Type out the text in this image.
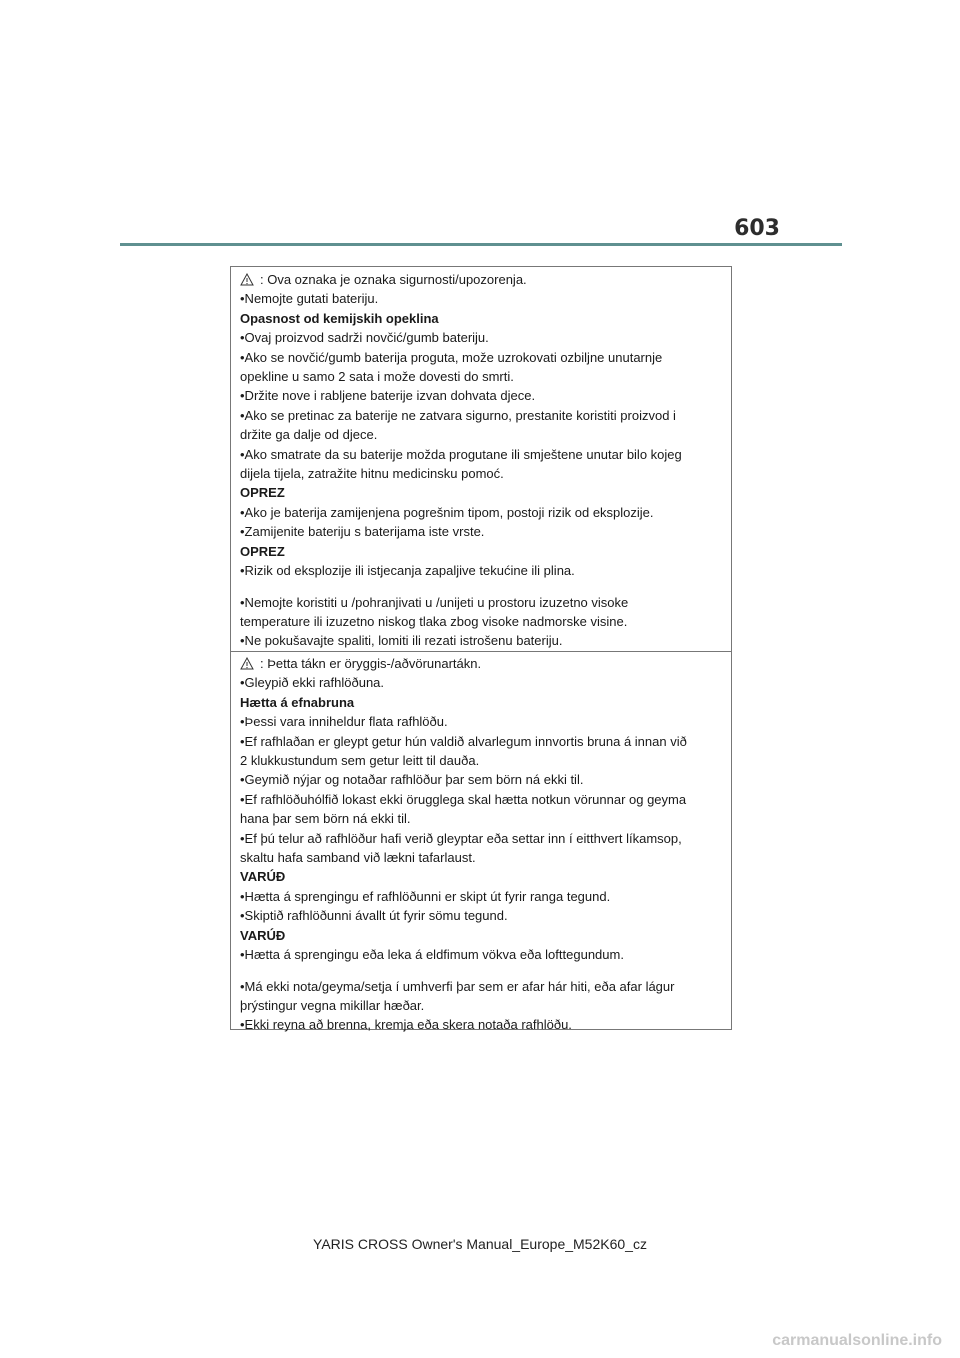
603
: Ova oznaka je oznaka sigurnosti/upozorenja.
•Nemojte gutati bateriju.
Opasnost od kemijskih opeklina
•Ovaj proizvod sadrži novčić/gumb bateriju.
•Ako se novčić/gumb baterija proguta, može uzrokovati ozbiljne unutarnje
opekline u samo 2 sata i može dovesti do smrti.
•Držite nove i rabljene baterije izvan dohvata djece.
•Ako se pretinac za baterije ne zatvara sigurno, prestanite koristiti proizvod i
držite ga dalje od djece.
•Ako smatrate da su baterije možda progutane ili smještene unutar bilo kojeg
dijela tijela, zatražite hitnu medicinsku pomoć.
OPREZ
•Ako je baterija zamijenjena pogrešnim tipom, postoji rizik od eksplozije.
•Zamijenite bateriju s baterijama iste vrste.
OPREZ
•Rizik od eksplozije ili istjecanja zapaljive tekućine ili plina.
•Nemojte koristiti u /pohranjivati u /unijeti u prostoru izuzetno visoke
temperature ili izuzetno niskog tlaka zbog visoke nadmorske visine.
•Ne pokušavajte spaliti, lomiti ili rezati istrošenu bateriju.
: Þetta tákn er öryggis-/aðvörunartákn.
•Gleypið ekki rafhlöðuna.
Hætta á efnabruna
•Þessi vara inniheldur flata rafhlöðu.
•Ef rafhlaðan er gleypt getur hún valdið alvarlegum innvortis bruna á innan við
2 klukkustundum sem getur leitt til dauða.
•Geymið nýjar og notaðar rafhlöður þar sem börn ná ekki til.
•Ef rafhlöðuhólfið lokast ekki örugglega skal hætta notkun vörunnar og geyma
hana þar sem börn ná ekki til.
•Ef þú telur að rafhlöður hafi verið gleyptar eða settar inn í eitthvert líkamsop,
skaltu hafa samband við lækni tafarlaust.
VARÚÐ
•Hætta á sprengingu ef rafhlöðunni er skipt út fyrir ranga tegund.
•Skiptið rafhlöðunni ávallt út fyrir sömu tegund.
VARÚÐ
•Hætta á sprengingu eða leka á eldfimum vökva eða lofttegundum.
•Má ekki nota/geyma/setja í umhverfi þar sem er afar hár hiti, eða afar lágur
þrýstingur vegna mikillar hæðar.
•Ekki reyna að brenna, kremja eða skera notaða rafhlöðu.
YARIS CROSS Owner's Manual_Europe_M52K60_cz
carmanualsonline.info
